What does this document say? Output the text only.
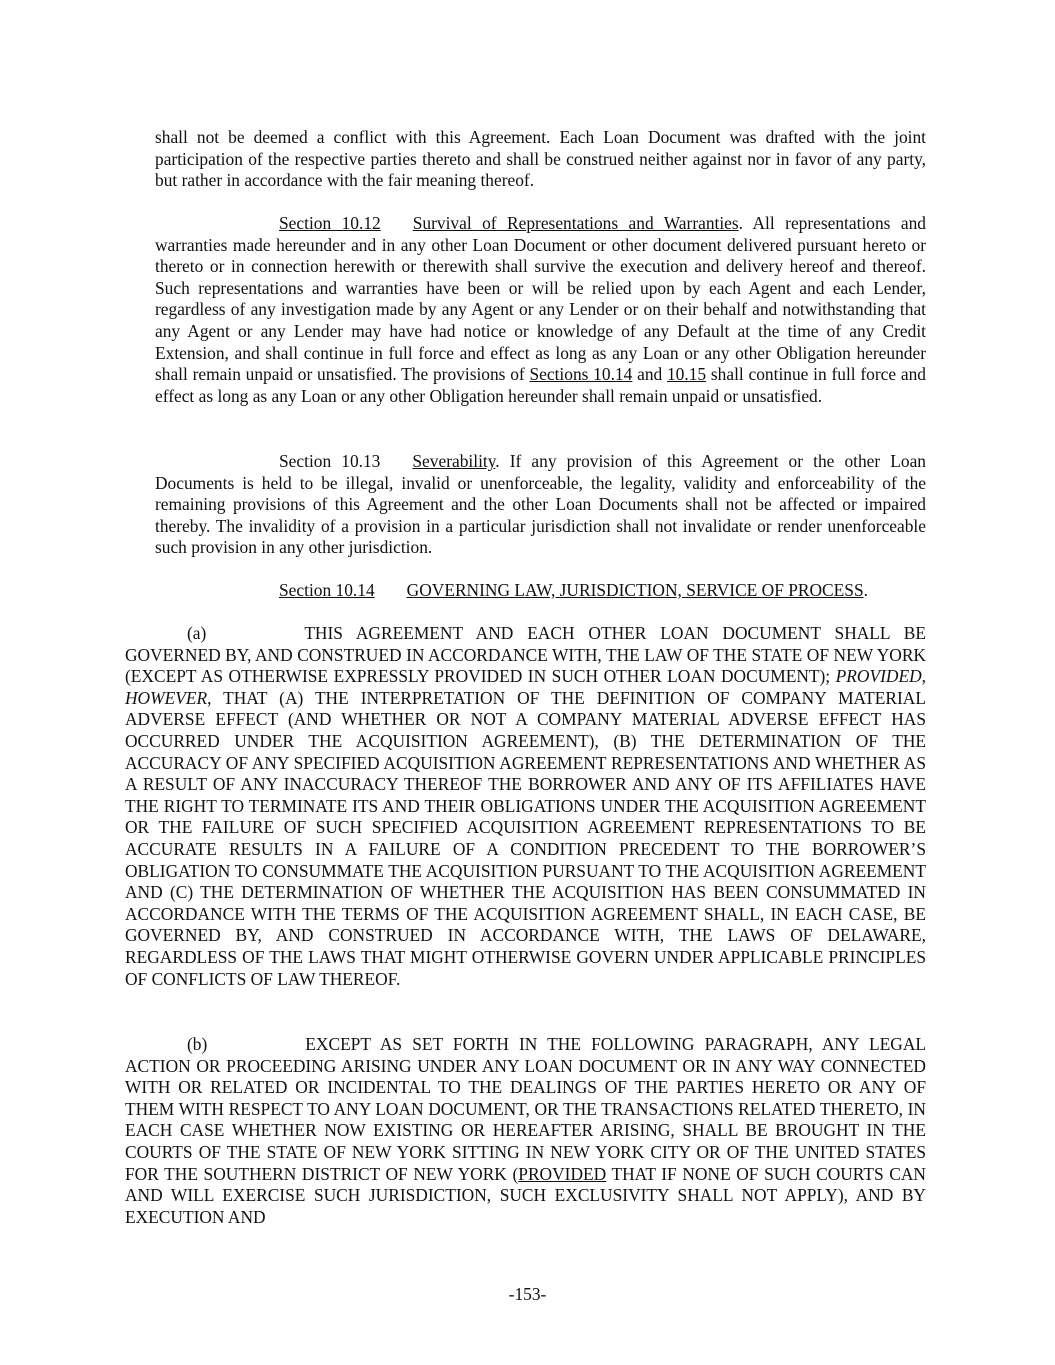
shall not be deemed a conflict with this Agreement. Each Loan Document was drafted with the joint participation of the respective parties thereto and shall be construed neither against nor in favor of any party, but rather in accordance with the fair meaning thereof.

Section 10.12 Survival of Representations and Warranties. All representations and warranties made hereunder and in any other Loan Document or other document delivered pursuant hereto or thereto or in connection herewith or therewith shall survive the execution and delivery hereof and thereof. Such representations and warranties have been or will be relied upon by each Agent and each Lender, regardless of any investigation made by any Agent or any Lender or on their behalf and notwithstanding that any Agent or any Lender may have had notice or knowledge of any Default at the time of any Credit Extension, and shall continue in full force and effect as long as any Loan or any other Obligation hereunder shall remain unpaid or unsatisfied. The provisions of Sections 10.14 and 10.15 shall continue in full force and effect as long as any Loan or any other Obligation hereunder shall remain unpaid or unsatisfied.

Section 10.13 Severability. If any provision of this Agreement or the other Loan Documents is held to be illegal, invalid or unenforceable, the legality, validity and enforceability of the remaining provisions of this Agreement and the other Loan Documents shall not be affected or impaired thereby. The invalidity of a provision in a particular jurisdiction shall not invalidate or render unenforceable such provision in any other jurisdiction.

Section 10.14 GOVERNING LAW, JURISDICTION, SERVICE OF PROCESS.

(a)	THIS AGREEMENT AND EACH OTHER LOAN DOCUMENT SHALL BE GOVERNED BY, AND CONSTRUED IN ACCORDANCE WITH, THE LAW OF THE STATE OF NEW YORK (EXCEPT AS OTHERWISE EXPRESSLY PROVIDED IN SUCH OTHER LOAN DOCUMENT); PROVIDED, HOWEVER, THAT (A) THE INTERPRETATION OF THE DEFINITION OF COMPANY MATERIAL ADVERSE EFFECT (AND WHETHER OR NOT A COMPANY MATERIAL ADVERSE EFFECT HAS OCCURRED UNDER THE ACQUISITION AGREEMENT), (B) THE DETERMINATION OF THE ACCURACY OF ANY SPECIFIED ACQUISITION AGREEMENT REPRESENTATIONS AND WHETHER AS A RESULT OF ANY INACCURACY THEREOF THE BORROWER AND ANY OF ITS AFFILIATES HAVE THE RIGHT TO TERMINATE ITS AND THEIR OBLIGATIONS UNDER THE ACQUISITION AGREEMENT OR THE FAILURE OF SUCH SPECIFIED ACQUISITION AGREEMENT REPRESENTATIONS TO BE ACCURATE RESULTS IN A FAILURE OF A CONDITION PRECEDENT TO THE BORROWER’S OBLIGATION TO CONSUMMATE THE ACQUISITION PURSUANT TO THE ACQUISITION AGREEMENT AND (C) THE DETERMINATION OF WHETHER THE ACQUISITION HAS BEEN CONSUMMATED IN ACCORDANCE WITH THE TERMS OF THE ACQUISITION AGREEMENT SHALL, IN EACH CASE, BE GOVERNED BY, AND CONSTRUED IN ACCORDANCE WITH, THE LAWS OF DELAWARE, REGARDLESS OF THE LAWS THAT MIGHT OTHERWISE GOVERN UNDER APPLICABLE PRINCIPLES OF CONFLICTS OF LAW THEREOF.

(b)	EXCEPT AS SET FORTH IN THE FOLLOWING PARAGRAPH, ANY LEGAL ACTION OR PROCEEDING ARISING UNDER ANY LOAN DOCUMENT OR IN ANY WAY CONNECTED WITH OR RELATED OR INCIDENTAL TO THE DEALINGS OF THE PARTIES HERETO OR ANY OF THEM WITH RESPECT TO ANY LOAN DOCUMENT, OR THE TRANSACTIONS RELATED THERETO, IN EACH CASE WHETHER NOW EXISTING OR HEREAFTER ARISING, SHALL BE BROUGHT IN THE COURTS OF THE STATE OF NEW YORK SITTING IN NEW YORK CITY OR OF THE UNITED STATES FOR THE SOUTHERN DISTRICT OF NEW YORK (PROVIDED THAT IF NONE OF SUCH COURTS CAN AND WILL EXERCISE SUCH JURISDICTION, SUCH EXCLUSIVITY SHALL NOT APPLY), AND BY EXECUTION AND

-153-
